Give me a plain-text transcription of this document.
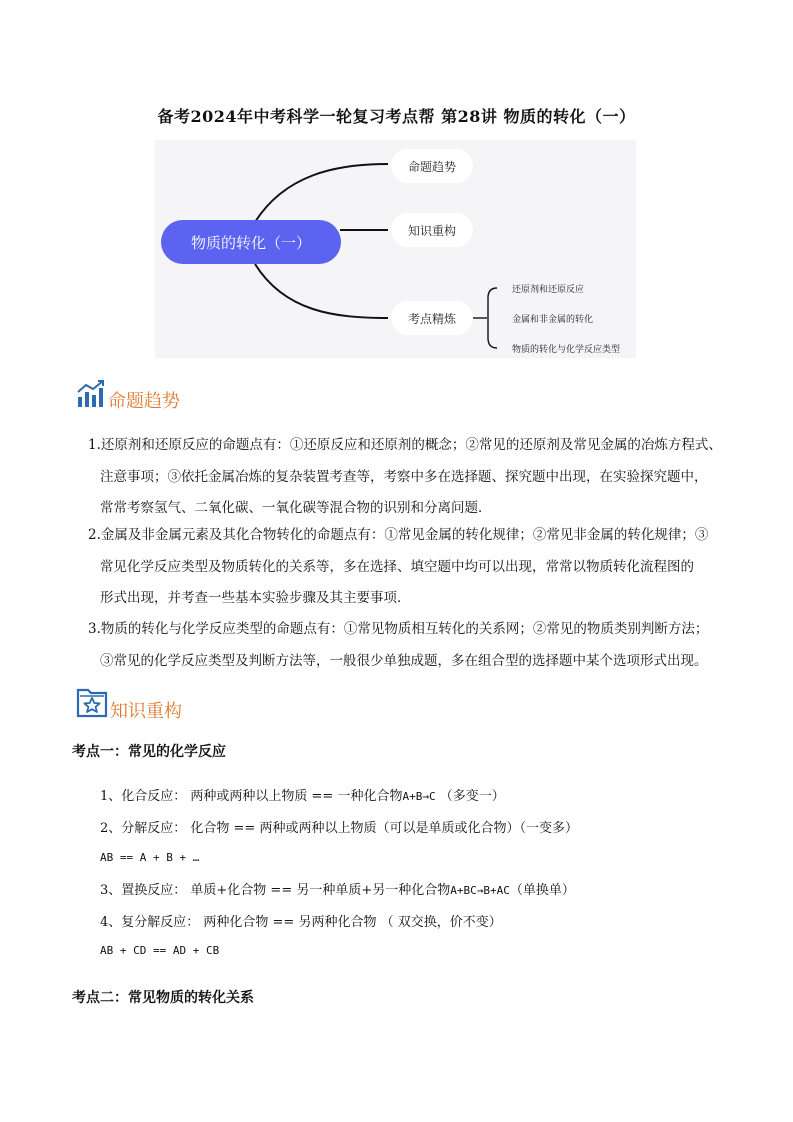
备考2024年中考科学一轮复习考点帮 第28讲 物质的转化（一）
物质的转化（一）
命题趋势
知识重构
考点精炼
还原剂和还原反应
金属和非金属的转化
物质的转化与化学反应类型
命题趋势
1.还原剂和还原反应的命题点有：①还原反应和还原剂的概念；②常见的还原剂及常见金属的冶炼方程式、
注意事项；③依托金属冶炼的复杂装置考查等，考察中多在选择题、探究题中出现，在实验探究题中，
常常考察氢气、二氧化碳、一氧化碳等混合物的识别和分离问题．
2.金属及非金属元素及其化合物转化的命题点有：①常见金属的转化规律；②常见非金属的转化规律；③
常见化学反应类型及物质转化的关系等，多在选择、填空题中均可以出现，常常以物质转化流程图的
形式出现，并考查一些基本实验步骤及其主要事项．
3.物质的转化与化学反应类型的命题点有：①常见物质相互转化的关系网；②常见的物质类别判断方法；
③常见的化学反应类型及判断方法等，一般很少单独成题，多在组合型的选择题中某个选项形式出现。
知识重构
考点一：常见的化学反应
1、化合反应： 两种或两种以上物质 == 一种化合物A+B→C （多变一）
2、分解反应： 化合物 == 两种或两种以上物质（可以是单质或化合物）（一变多）
AB == A + B + …
3、置换反应： 单质+化合物 == 另一种单质+另一种化合物A+BC→B+AC（单换单）
4、复分解反应： 两种化合物 == 另两种化合物 （ 双交换，价不变）
AB + CD == AD + CB
考点二：常见物质的转化关系
